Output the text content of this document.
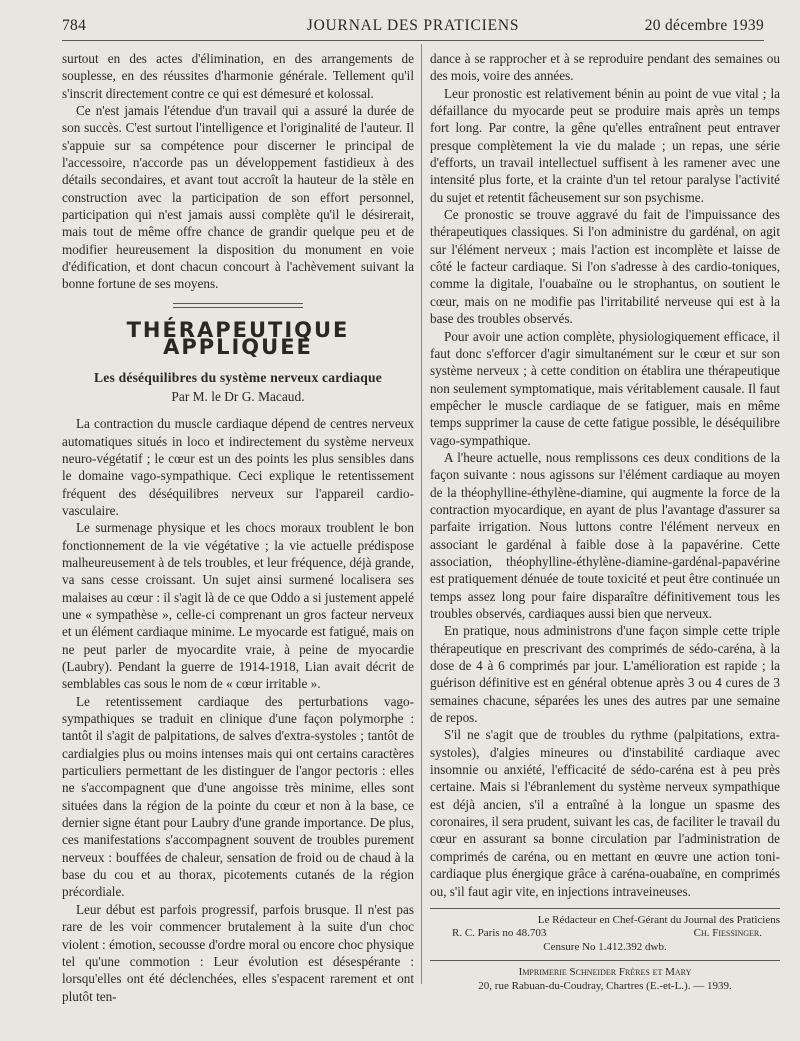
784	JOURNAL DES PRATICIENS	20 décembre 1939

surtout en des actes d'élimination, en des arrangements de souplesse, en des réussites d'harmonie générale. Tellement qu'il s'inscrit directement contre ce qui est démesuré et kolossal.

Ce n'est jamais l'étendue d'un travail qui a assuré la durée de son succès. C'est surtout l'intelligence et l'originalité de l'auteur. Il s'appuie sur sa compétence pour discerner le principal de l'accessoire, n'accorde pas un développement fastidieux à des détails secondaires, et avant tout accroît la hauteur de la stèle en construction avec la participation de son effort personnel, participation qui n'est jamais aussi complète qu'il le désirerait, mais tout de même offre chance de grandir quelque peu et de modifier heureusement la disposition du monument en voie d'édification, et dont chacun concourt à l'achèvement suivant la bonne fortune de ses moyens.

THÉRAPEUTIQUE APPLIQUÉE
Les déséquilibres du système nerveux cardiaque
Par M. le Dr G. Macaud.

La contraction du muscle cardiaque dépend de centres nerveux automatiques situés in loco et indirectement du système nerveux neuro-végétatif ; le cœur est un des points les plus sensibles dans le domaine vago-sympathique. Ceci explique le retentissement fréquent des déséquilibres nerveux sur l'appareil cardio-vasculaire.

Le surmenage physique et les chocs moraux troublent le bon fonctionnement de la vie végétative ; la vie actuelle prédispose malheureusement à de tels troubles, et leur fréquence, déjà grande, va sans cesse croissant. Un sujet ainsi surmené localisera ses malaises au cœur : il s'agit là de ce que Oddo a si justement appelé une « sympathèse », celle-ci comprenant un gros facteur nerveux et un élément cardiaque minime. Le myocarde est fatigué, mais on ne peut parler de myocardite vraie, à peine de myocardie (Laubry). Pendant la guerre de 1914-1918, Lian avait décrit de semblables cas sous le nom de « cœur irritable ».

Le retentissement cardiaque des perturbations vago-sympathiques se traduit en clinique d'une façon polymorphe : tantôt il s'agit de palpitations, de salves d'extra-systoles ; tantôt de cardialgies plus ou moins intenses mais qui ont certains caractères particuliers permettant de les distinguer de l'angor pectoris : elles ne s'accompagnent que d'une angoisse très minime, elles sont situées dans la région de la pointe du cœur et non à la base, ce dernier signe étant pour Laubry d'une grande importance. De plus, ces manifestations s'accompagnent souvent de troubles purement nerveux : bouffées de chaleur, sensation de froid ou de chaud à la base du cou et au thorax, picotements cutanés de la région précordiale.

Leur début est parfois progressif, parfois brusque. Il n'est pas rare de les voir commencer brutalement à la suite d'un choc violent : émotion, secousse d'ordre moral ou encore choc physique tel qu'une commotion : Leur évolution est désespérante : lorsqu'elles ont été déclenchées, elles s'espacent rarement et ont plutôt ten-

dance à se rapprocher et à se reproduire pendant des semaines ou des mois, voire des années.

Leur pronostic est relativement bénin au point de vue vital ; la défaillance du myocarde peut se produire mais après un temps fort long. Par contre, la gêne qu'elles entraînent peut entraver presque complètement la vie du malade ; un repas, une série d'efforts, un travail intellectuel suffisent à les ramener avec une intensité plus forte, et la crainte d'un tel retour paralyse l'activité du sujet et retentit fâcheusement sur son psychisme.

Ce pronostic se trouve aggravé du fait de l'impuissance des thérapeutiques classiques. Si l'on administre du gardénal, on agit sur l'élément nerveux ; mais l'action est incomplète et laisse de côté le facteur cardiaque. Si l'on s'adresse à des cardio-toniques, comme la digitale, l'ouabaïne ou le strophantus, on soutient le cœur, mais on ne modifie pas l'irritabilité nerveuse qui est à la base des troubles observés.

Pour avoir une action complète, physiologiquement efficace, il faut donc s'efforcer d'agir simultanément sur le cœur et sur son système nerveux ; à cette condition on établira une thérapeutique non seulement symptomatique, mais véritablement causale. Il faut empêcher le muscle cardiaque de se fatiguer, mais en même temps supprimer la cause de cette fatigue possible, le déséquilibre vago-sympathique.

A l'heure actuelle, nous remplissons ces deux conditions de la façon suivante : nous agissons sur l'élément cardiaque au moyen de la théophylline-éthylène-diamine, qui augmente la force de la contraction myocardique, en ayant de plus l'avantage d'assurer sa parfaite irrigation. Nous luttons contre l'élément nerveux en associant le gardénal à faible dose à la papavérine. Cette association, théophylline-éthylène-diamine-gardénal-papavérine est pratiquement dénuée de toute toxicité et peut être continuée un temps assez long pour faire disparaître définitivement tous les troubles observés, cardiaques aussi bien que nerveux.

En pratique, nous administrons d'une façon simple cette triple thérapeutique en prescrivant des comprimés de sédo-caréna, à la dose de 4 à 6 comprimés par jour. L'amélioration est rapide ; la guérison définitive est en général obtenue après 3 ou 4 cures de 3 semaines chacune, séparées les unes des autres par une semaine de repos.

S'il ne s'agit que de troubles du rythme (palpitations, extra-systoles), d'algies mineures ou d'instabilité cardiaque avec insomnie ou anxiété, l'efficacité de sédo-caréna est à peu près certaine. Mais si l'ébranlement du système nerveux sympathique est déjà ancien, s'il a entraîné à la longue un spasme des coronaires, il sera prudent, suivant les cas, de faciliter le travail du cœur en assurant sa bonne circulation par l'administration de comprimés de caréna, ou en mettant en œuvre une action toni-cardiaque plus énergique grâce à caréna-ouabaïne, en comprimés ou, s'il faut agir vite, en injections intraveineuses.

Le Rédacteur en Chef-Gérant du Journal des Praticiens
R. C. Paris no 48.703	Ch. Fiessinger.
Censure No 1.412.392 dwb.
Imprimerie Schneider Frères et Mary
20, rue Rabuan-du-Coudray, Chartres (E.-et-L.). — 1939.
